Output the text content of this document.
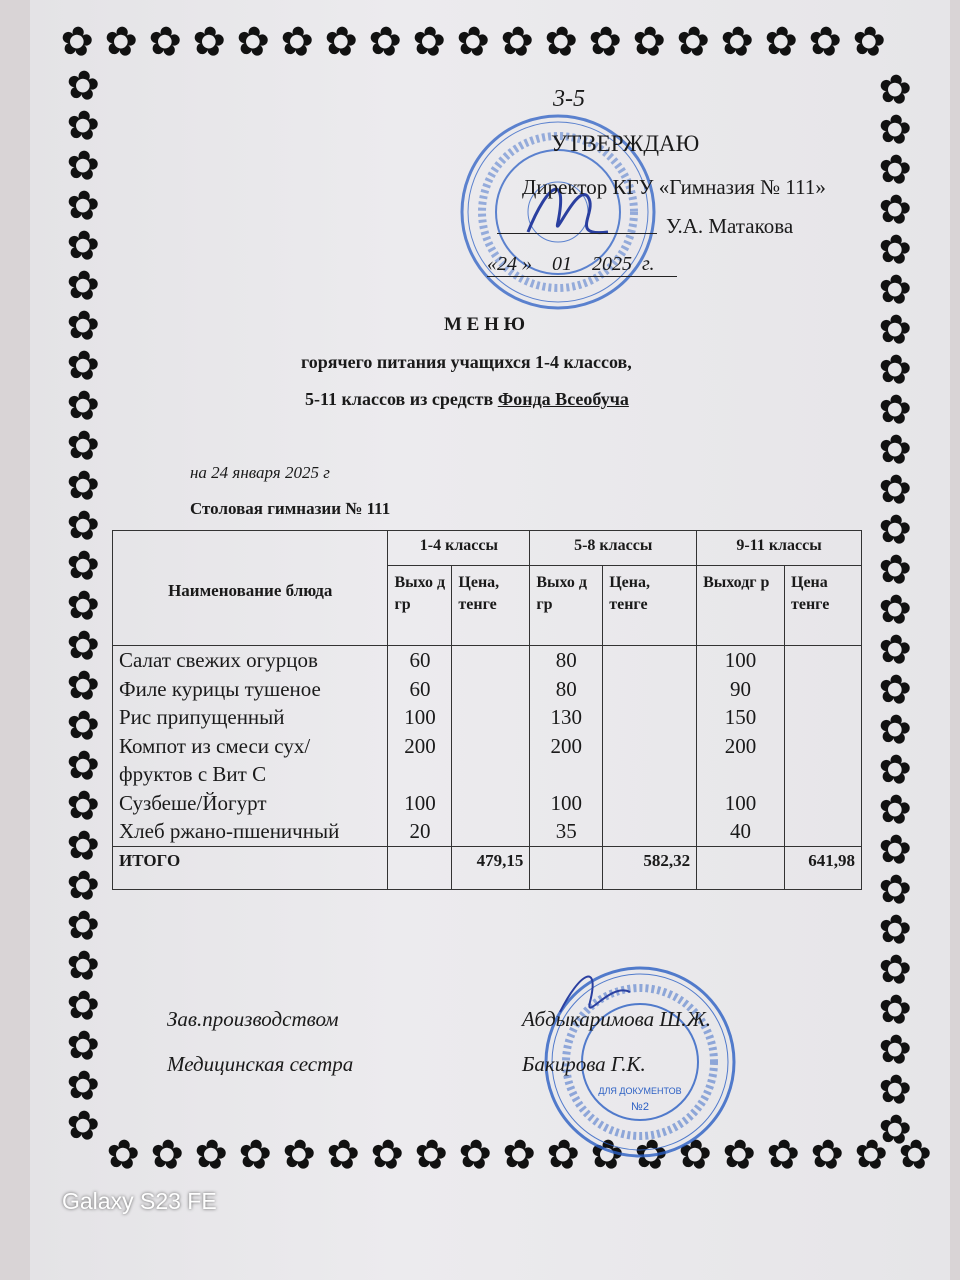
✿ ✿ ✿ ✿ ✿ ✿ ✿ ✿ ✿ ✿ ✿ ✿ ✿ ✿ ✿ ✿ ✿ ✿ ✿
✿
✿
✿
✿
✿
✿
✿
✿
✿
✿
✿
✿
✿
✿
✿
✿
✿
✿
✿
✿
✿
✿
✿
✿
✿
✿
✿
✿
✿
✿
✿
✿
✿
✿
✿
✿
✿
✿
✿
✿
✿
✿
✿
✿
✿
✿
✿
✿
✿
✿
✿
✿
✿
✿
✿ ✿ ✿ ✿ ✿ ✿ ✿ ✿ ✿ ✿ ✿ ✿ ✿ ✿ ✿ ✿ ✿ ✿ ✿
3-5
УТВЕРЖДАЮ
Директор КГУ «Гимназия № 111»
У.А. Матакова
«24 » 01 2025 г.
М Е Н Ю
горячего питания учащихся 1-4 классов,
5-11 классов из средств Фонда Всеобуча
на 24 января 2025 г
Столовая гимназии № 111
Наименование блюда	1-4 классы		5-8 классы		9-11 классы	
	Выхо д гр	Цена, тенге	Выхо д гр	Цена, тенге	Выходг р	Цена тенге
Салат свежих огурцов	60		80		100	
Филе курицы тушеное	60		80		90	
Рис припущенный	100		130		150	
Компот из смеси сух/фруктов с Вит С	200		200		200	
Сузбеше/Йогурт	100		100		100	
Хлеб ржано-пшеничный	20		35		40	
ИТОГО		479,15		582,32		641,98
ДЛЯ ДОКУМЕНТОВ
№2
Зав.производством	Абдыкаримова Ш.Ж.
Медицинская сестра	Бакирова Г.К.
Galaxy S23 FE
